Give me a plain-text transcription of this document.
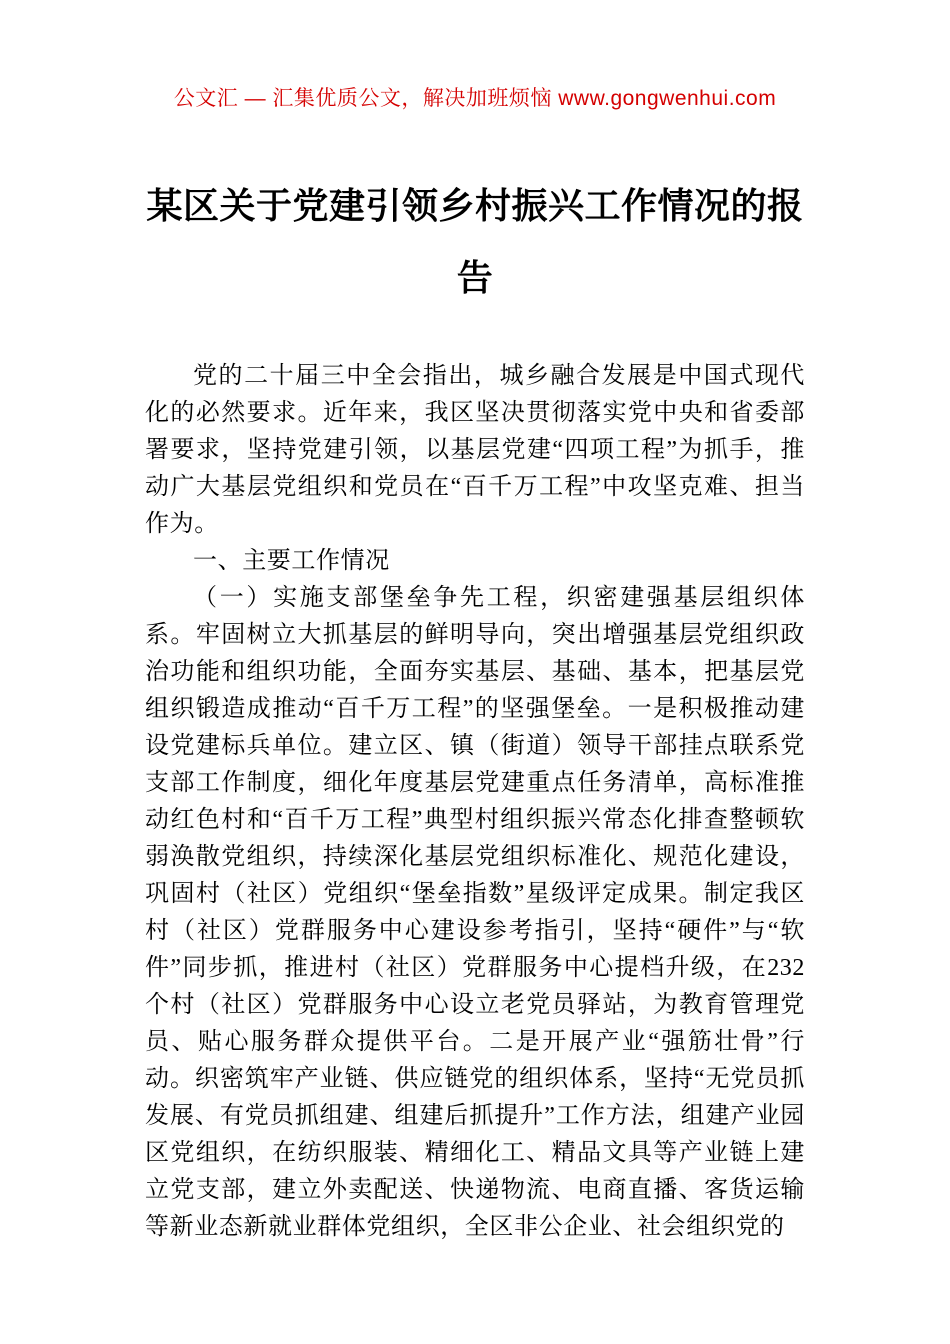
公文汇 — 汇集优质公文，解决加班烦恼 www.gongwenhui.com
某区关于党建引领乡村振兴工作情况的报告

党的二十届三中全会指出，城乡融合发展是中国式现代化的必然要求。近年来，我区坚决贯彻落实党中央和省委部署要求，坚持党建引领，以基层党建“四项工程”为抓手，推动广大基层党组织和党员在“百千万工程”中攻坚克难、担当作为。

一、主要工作情况

（一）实施支部堡垒争先工程，织密建强基层组织体系。牢固树立大抓基层的鲜明导向，突出增强基层党组织政治功能和组织功能，全面夯实基层、基础、基本，把基层党组织锻造成推动“百千万工程”的坚强堡垒。一是积极推动建设党建标兵单位。建立区、镇（街道）领导干部挂点联系党支部工作制度，细化年度基层党建重点任务清单，高标准推动红色村和“百千万工程”典型村组织振兴常态化排查整顿软弱涣散党组织，持续深化基层党组织标准化、规范化建设，巩固村（社区）党组织“堡垒指数”星级评定成果。制定我区村（社区）党群服务中心建设参考指引，坚持“硬件”与“软件”同步抓，推进村（社区）党群服务中心提档升级，在232个村（社区）党群服务中心设立老党员驿站，为教育管理党员、贴心服务群众提供平台。二是开展产业“强筋壮骨”行动。织密筑牢产业链、供应链党的组织体系，坚持“无党员抓发展、有党员抓组建、组建后抓提升”工作方法，组建产业园区党组织，在纺织服装、精细化工、精品文具等产业链上建立党支部，建立外卖配送、快递物流、电商直播、客货运输等新业态新就业群体党组织，全区非公企业、社会组织党的
